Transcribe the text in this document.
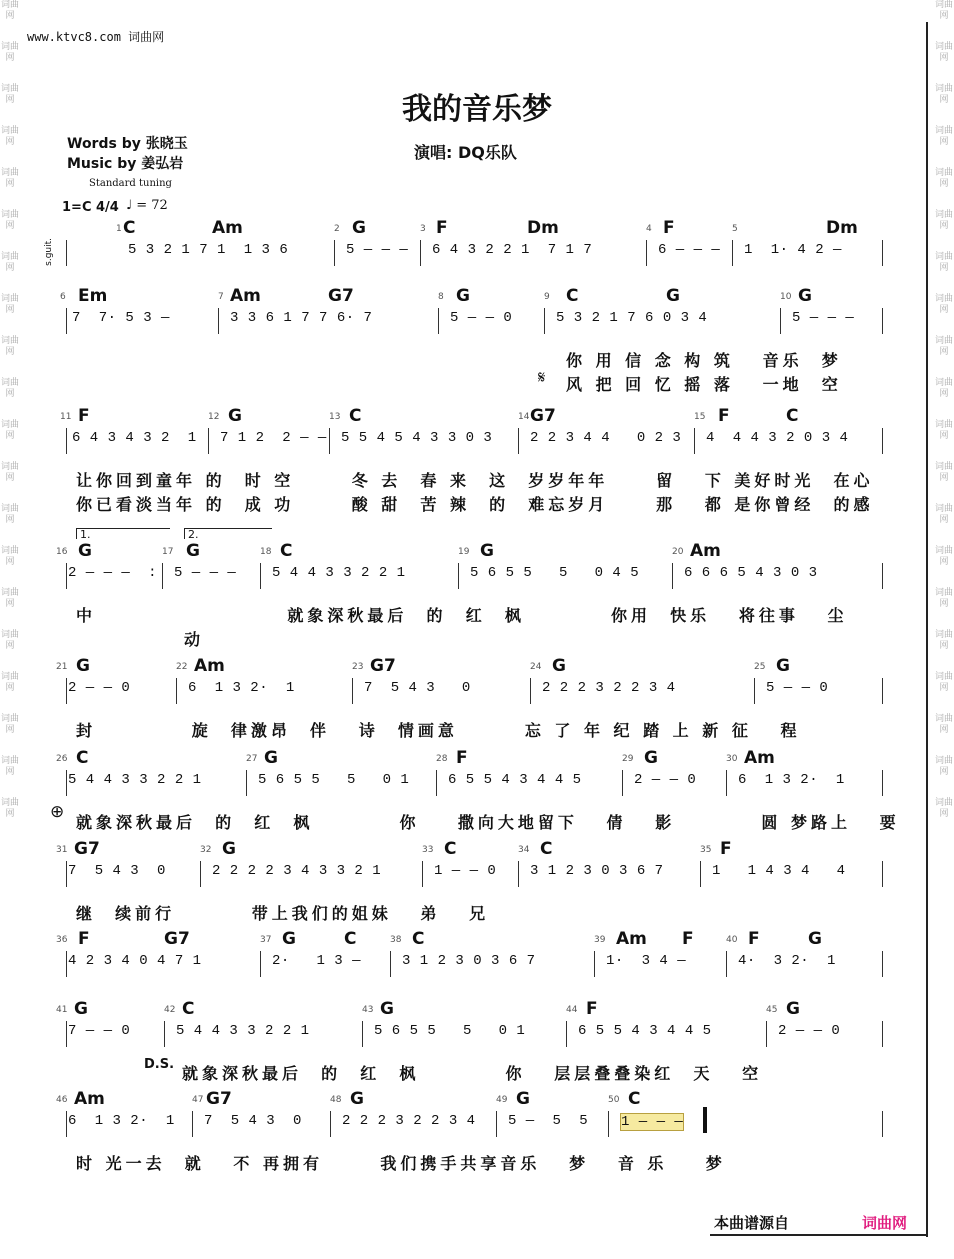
词曲网
词曲网
词曲网
词曲网
词曲网
词曲网
词曲网
词曲网
词曲网
词曲网
词曲网
词曲网
词曲网
词曲网
词曲网
词曲网
词曲网
词曲网
词曲网
词曲网
词曲网
词曲网
词曲网
词曲网
词曲网
词曲网
词曲网
词曲网
词曲网
词曲网
词曲网
词曲网
词曲网
词曲网
词曲网
词曲网
词曲网
词曲网
词曲网
词曲网
www.ktvc8.com 词曲网
我的音乐梦
Words by 张晓玉
Music by 姜弘岩
演唱: DQ乐队
Standard tuning
1=C 4/4 ♩ = 72
s.guit.
1 C	Am
5 3 2 1 7 1  1 3 6
2 G
5 — — —
3 F	Dm
6 4 3 2 2 1  7 1 7
4 F
6 — — —
5	Dm
1  1· 4 2 —
6 Em
7  7· 5 3 —
7 Am	G7
3 3 6 1 7 7 6· 7
8 G
5 — — 0
9 C	G
5 3 2 1 7 6 0 3 4
10 G
5 — — —
你 用 信 念 构 筑   音乐  梦
风 把 回 忆 摇 落   一地  空
11 F
6 4 3 4 3 2  1
12 G
7 1 2  2 — —
13 C
5 5 4 5 4 3 3 0 3
14 G7
2 2 3 4 4   0 2 3
15 F	C
4  4 4 3 2 0 3 4
让你回到童年 的  时 空      冬 去  春 来  这  岁岁年年     留   下 美好时光  在心
你已看淡当年 的  成 功      酸 甜  苦 辣  的  难忘岁月     那   都 是你曾经  的感
16 G
2 — — —  :
17 G
5 — — —
18 C
5 4 4 3 3 2 2 1
19 G
5 6 5 5   5   0 4 5
20 Am
6 6 6 5 4 3 0 3
中                    就象深秋最后  的  红  枫         你用  快乐   将往事   尘
动
21 G
2 — — 0
22 Am
6  1 3 2·  1
23 G7
7  5 4 3   0
24 G
2 2 2 3 2 2 3 4
25 G
5 — — 0
封          旋  律激昂  伴   诗  情画意       忘 了 年 纪 踏 上 新 征   程
26 C
5 4 4 3 3 2 2 1
27 G
5 6 5 5   5   0 1
28 F
6 5 5 4 3 4 4 5
29 G
2 — — 0
30 Am
6  1 3 2·  1
就象深秋最后  的  红  枫         你    撒向大地留下   倩   影         圆 梦路上   要
31 G7
7  5 4 3  0
32 G
2 2 2 2 3 4 3 3 2 1
33 C
1 — — 0
34 C
3 1 2 3 0 3 6 7
35 F
1   1 4 3 4   4
继  续前行        带上我们的姐妹   弟   兄
36 F	G7
4 2 3 4 0 4 7 1
37 G	C
2·   1 3 —
38 C
3 1 2 3 0 3 6 7
39 Am F
1·  3 4 —
40 F	G
4·  3 2·  1
41 G
7 — — 0
42 C
5 4 4 3 3 2 2 1
43 G
5 6 5 5   5   0 1
44 F
6 5 5 4 3 4 4 5
45 G
2 — — 0
就象深秋最后  的  红  枫         你   层层叠叠染红  天   空
46 Am
6  1 3 2·  1
47 G7
7  5 4 3  0
48 G
2 2 2 3 2 2 3 4
49 G
5 —  5  5
50 C
1 — — —
时 光一去  就   不 再拥有      我们携手共享音乐   梦   音 乐    梦
1.	2.
D.S.
𝄋
⊕
本曲谱源自	词曲网
